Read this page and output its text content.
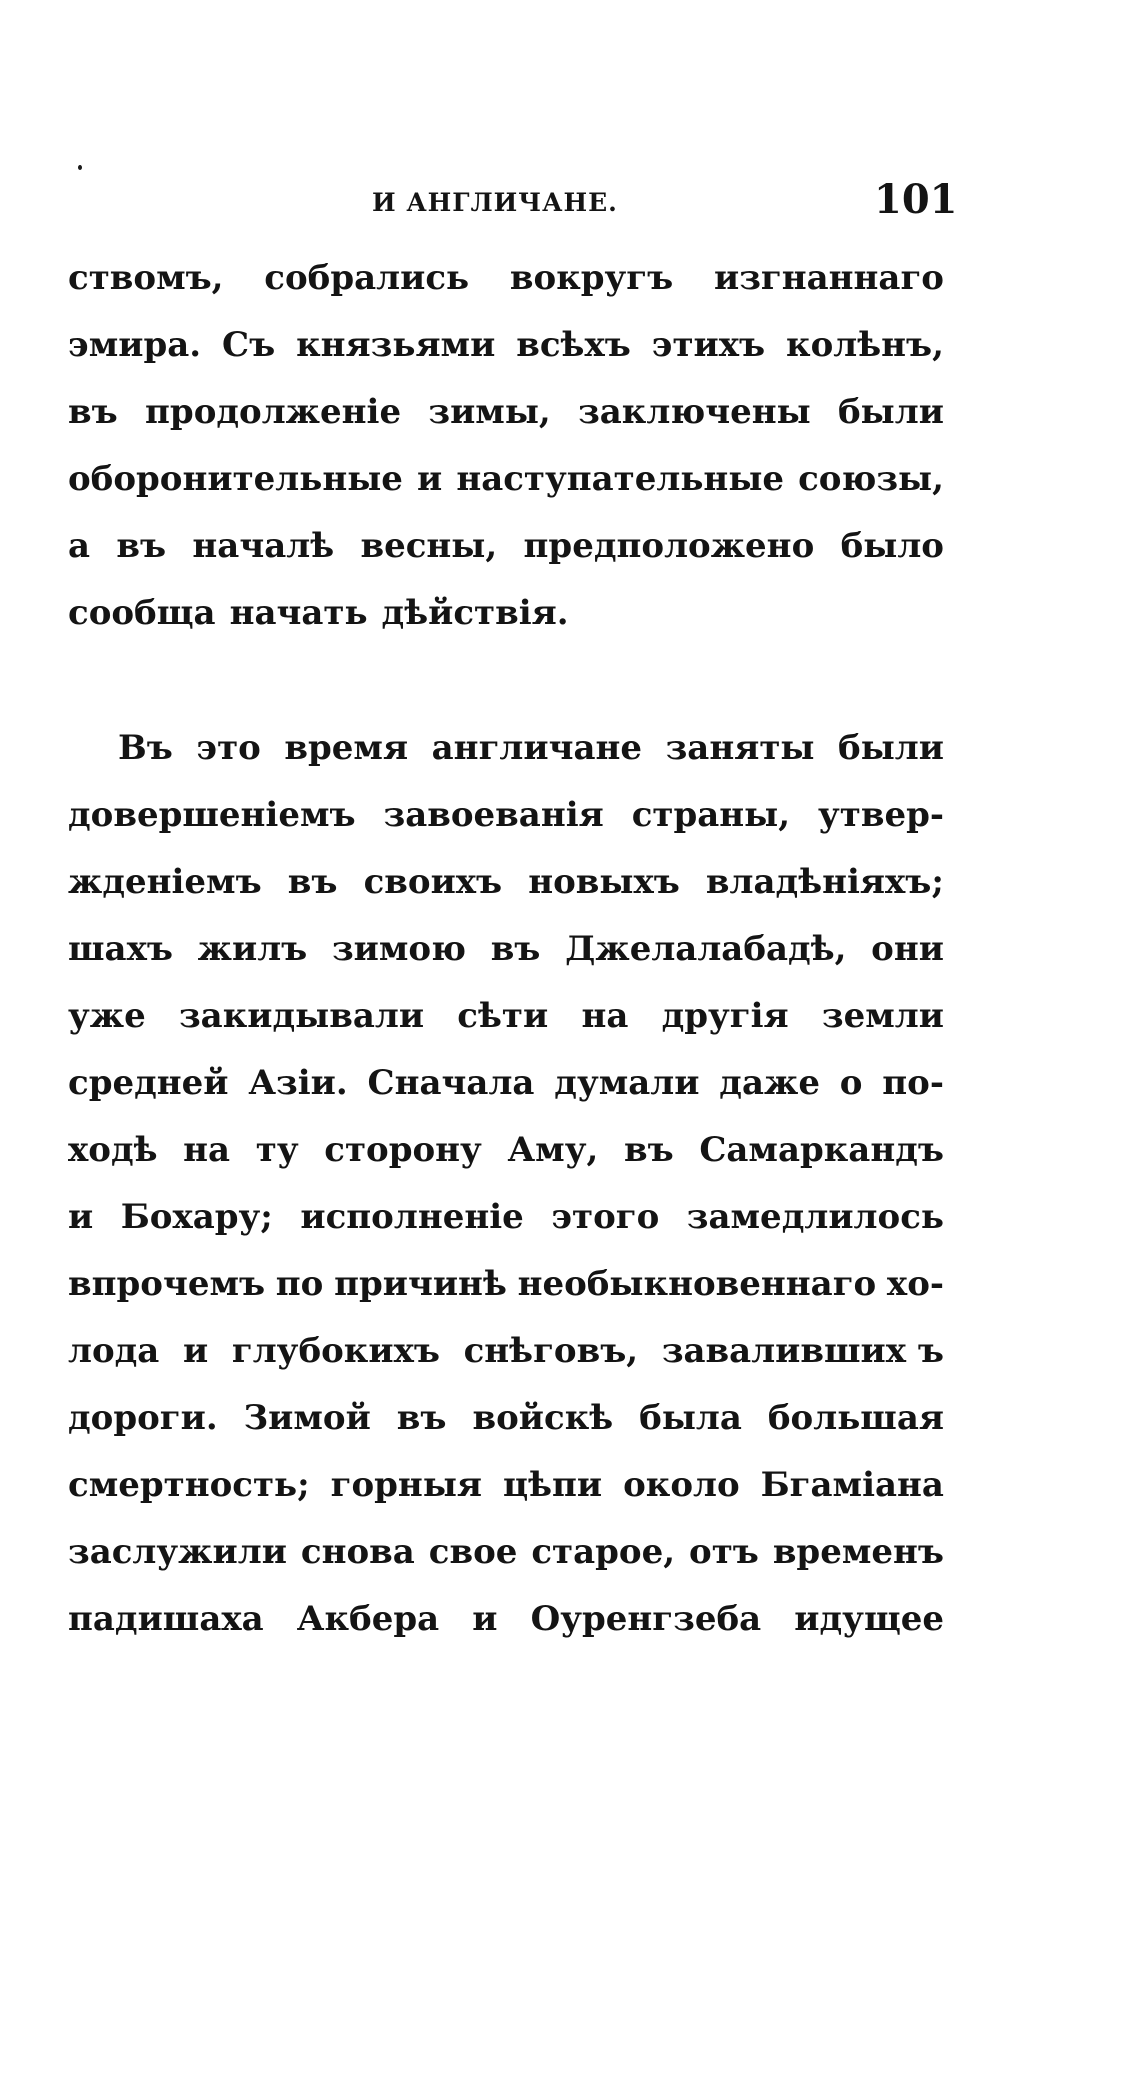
И АНГЛИЧАНЕ.	101
ствомъ, собрались вокругъ изгнаннаго
эмира. Съ князьями всѣхъ этихъ колѣнъ,
въ продолженіе зимы, заключены были
оборонительные и наступательные союзы,
а въ началѣ весны, предположено было
сообща начать дѣйствія.
Въ это время англичане заняты были
довершеніемъ завоеванія страны, утвер-
жденіемъ въ своихъ новыхъ владѣніяхъ;
шахъ жилъ зимою въ Джелалабадѣ, они
уже закидывали сѣти на другія земли
средней Азіи. Сначала думали даже о по-
ходѣ на ту сторону Аму, въ Самаркандъ
и Бохару; исполненіе этого замедлилось
впрочемъ по причинѣ необыкновеннаго хо-
лода и глубокихъ снѣговъ, заваливших ъ
дороги. Зимой въ войскѣ была большая
смертность; горныя цѣпи около Бгаміана
заслужили снова свое старое, отъ временъ
падишаха Акбера и Оуренгзеба идущее
